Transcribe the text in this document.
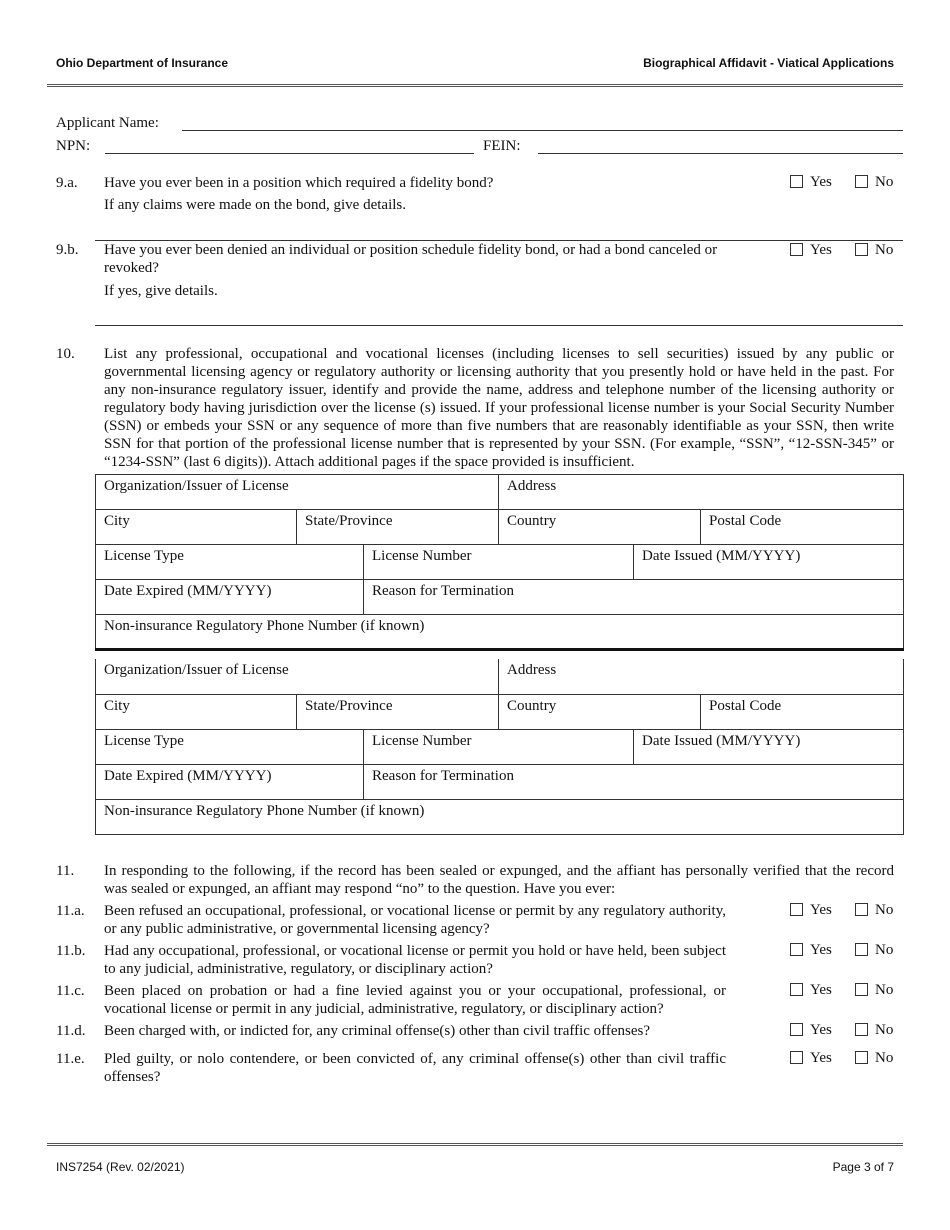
Ohio Department of Insurance	Biographical Affidavit - Viatical Applications
Applicant Name:
NPN:	FEIN:
9.a. Have you ever been in a position which required a fidelity bond?
If any claims were made on the bond, give details.
Yes	No
9.b. Have you ever been denied an individual or position schedule fidelity bond, or had a bond canceled or revoked?
If yes, give details.
Yes	No
10. List any professional, occupational and vocational licenses (including licenses to sell securities) issued by any public or governmental licensing agency or regulatory authority or licensing authority that you presently hold or have held in the past. For any non-insurance regulatory issuer, identify and provide the name, address and telephone number of the licensing authority or regulatory body having jurisdiction over the license (s) issued. If your professional license number is your Social Security Number (SSN) or embeds your SSN or any sequence of more than five numbers that are reasonably identifiable as your SSN, then write SSN for that portion of the professional license number that is represented by your SSN. (For example, “SSN”, “12-SSN-345” or “1234-SSN” (last 6 digits)). Attach additional pages if the space provided is insufficient.
Organization/Issuer of License			Address		
City	State/Province		Country		Postal Code
License Type		License Number		Date Issued (MM/YYYY)	
Date Expired (MM/YYYY)		Reason for Termination			
Non-insurance Regulatory Phone Number (if known)					
Organization/Issuer of License			Address		
City	State/Province		Country		Postal Code
License Type		License Number		Date Issued (MM/YYYY)	
Date Expired (MM/YYYY)		Reason for Termination			
Non-insurance Regulatory Phone Number (if known)					
11. In responding to the following, if the record has been sealed or expunged, and the affiant has personally verified that the record was sealed or expunged, an affiant may respond “no” to the question. Have you ever:
11.a. Been refused an occupational, professional, or vocational license or permit by any regulatory authority, or any public administrative, or governmental licensing agency?
Yes	No
11.b. Had any occupational, professional, or vocational license or permit you hold or have held, been subject to any judicial, administrative, regulatory, or disciplinary action?
Yes	No
11.c. Been placed on probation or had a fine levied against you or your occupational, professional, or vocational license or permit in any judicial, administrative, regulatory, or disciplinary action?
Yes	No
11.d. Been charged with, or indicted for, any criminal offense(s) other than civil traffic offenses?	Yes	No
11.e. Pled guilty, or nolo contendere, or been convicted of, any criminal offense(s) other than civil traffic offenses?
Yes	No
INS7254 (Rev. 02/2021)	Page 3 of 7
